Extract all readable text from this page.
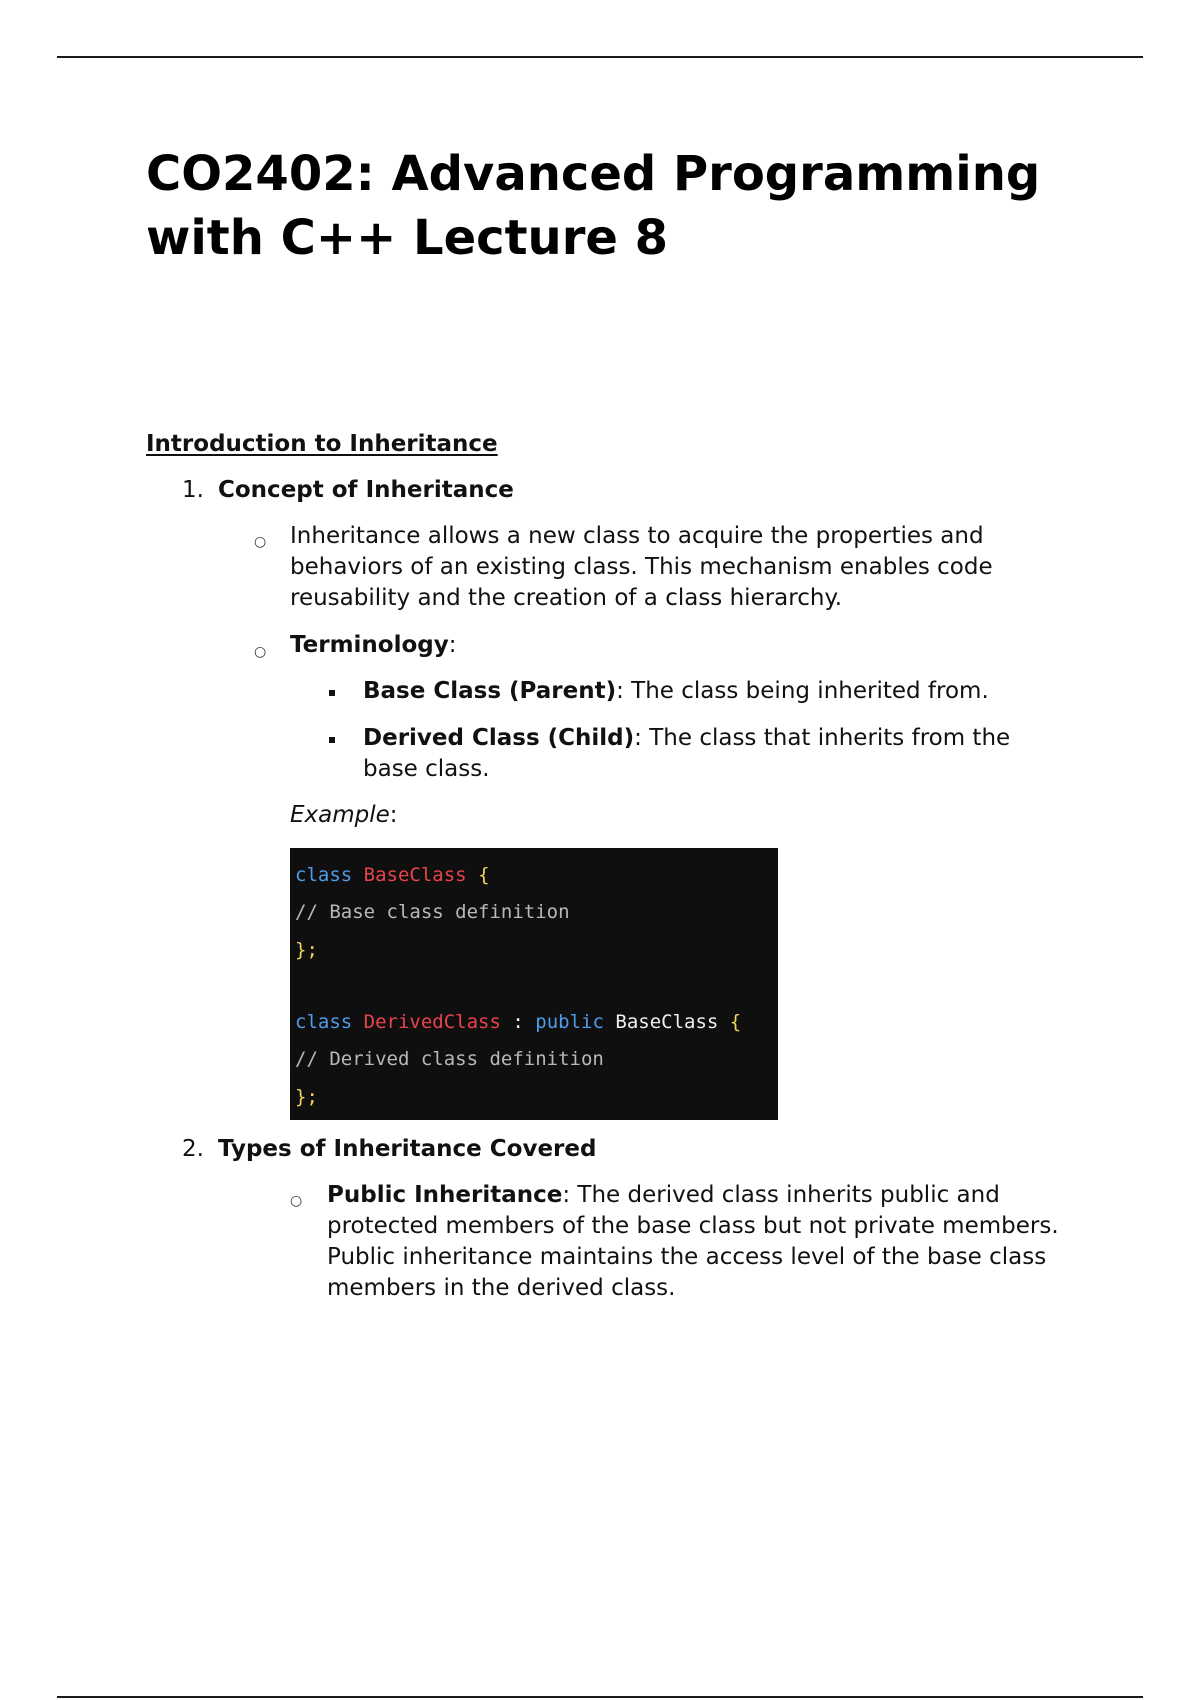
CO2402: Advanced Programming with C++ Lecture 8
Introduction to Inheritance
1. Concept of Inheritance
○ Inheritance allows a new class to acquire the properties and behaviors of an existing class. This mechanism enables code reusability and the creation of a class hierarchy.
○ Terminology:
Base Class (Parent): The class being inherited from.
Derived Class (Child): The class that inherits from the base class.
Example:
class BaseClass {
// Base class definition
};
class DerivedClass : public BaseClass {
// Derived class definition
};
2. Types of Inheritance Covered
○ Public Inheritance: The derived class inherits public and protected members of the base class but not private members. Public inheritance maintains the access level of the base class members in the derived class.
